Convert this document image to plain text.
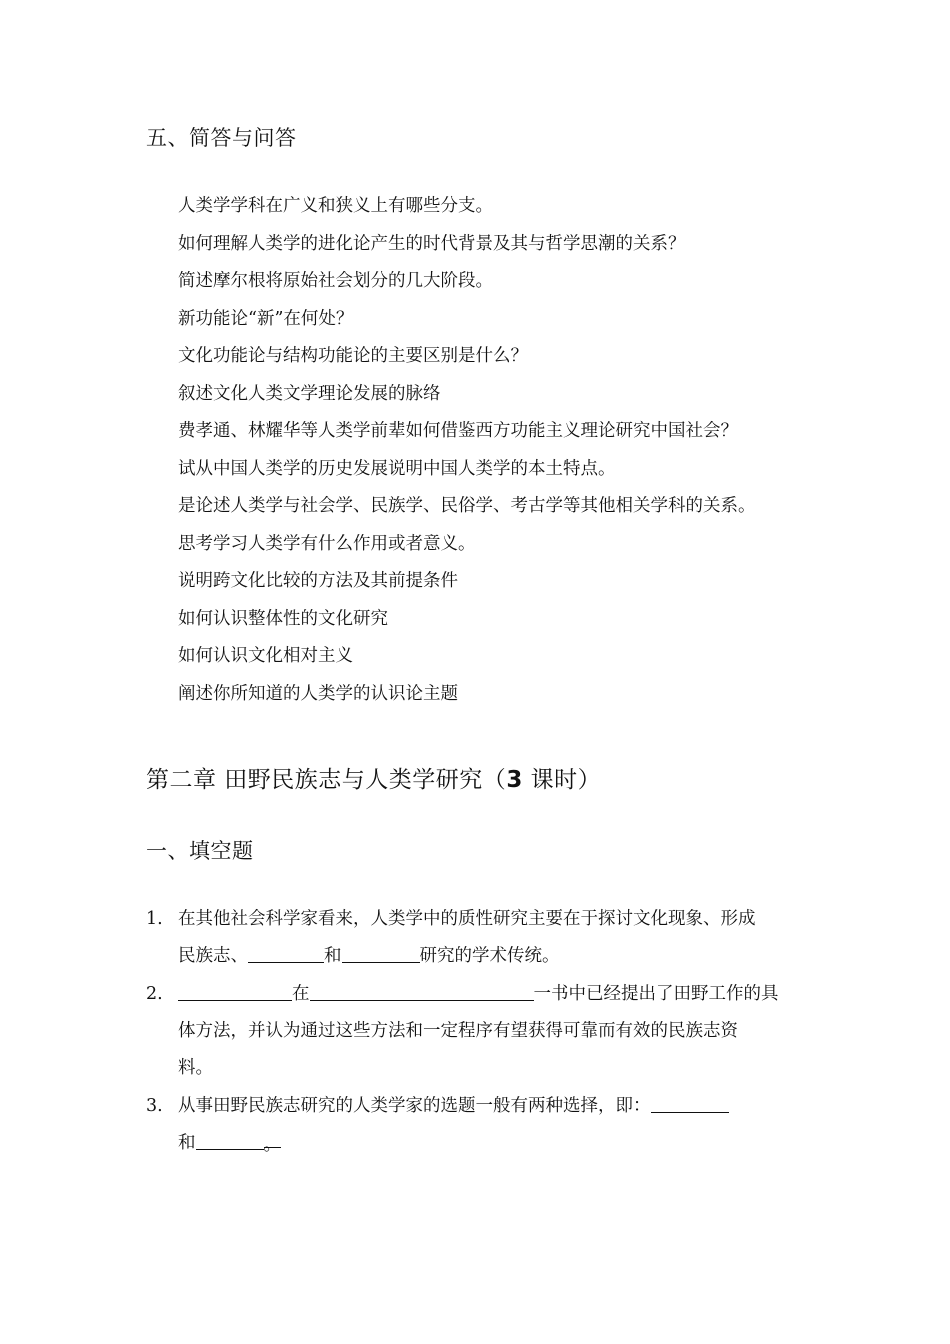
五、简答与问答
人类学学科在广义和狭义上有哪些分支。
如何理解人类学的进化论产生的时代背景及其与哲学思潮的关系？
简述摩尔根将原始社会划分的几大阶段。
新功能论“新”在何处？
文化功能论与结构功能论的主要区别是什么？
叙述文化人类文学理论发展的脉络
费孝通、林耀华等人类学前辈如何借鉴西方功能主义理论研究中国社会？
试从中国人类学的历史发展说明中国人类学的本土特点。
是论述人类学与社会学、民族学、民俗学、考古学等其他相关学科的关系。
思考学习人类学有什么作用或者意义。
说明跨文化比较的方法及其前提条件
如何认识整体性的文化研究
如何认识文化相对主义
阐述你所知道的人类学的认识论主题
第二章 田野民族志与人类学研究（3 课时）
一、填空题
1. 在其他社会科学家看来，人类学中的质性研究主要在于探讨文化现象、形成
民族志、	和	研究的学术传统。
2.	在	一书中已经提出了田野工作的具
体方法，并认为通过这些方法和一定程序有望获得可靠而有效的民族志资
料。
3. 从事田野民族志研究的人类学家的选题一般有两种选择，即：
和	。
